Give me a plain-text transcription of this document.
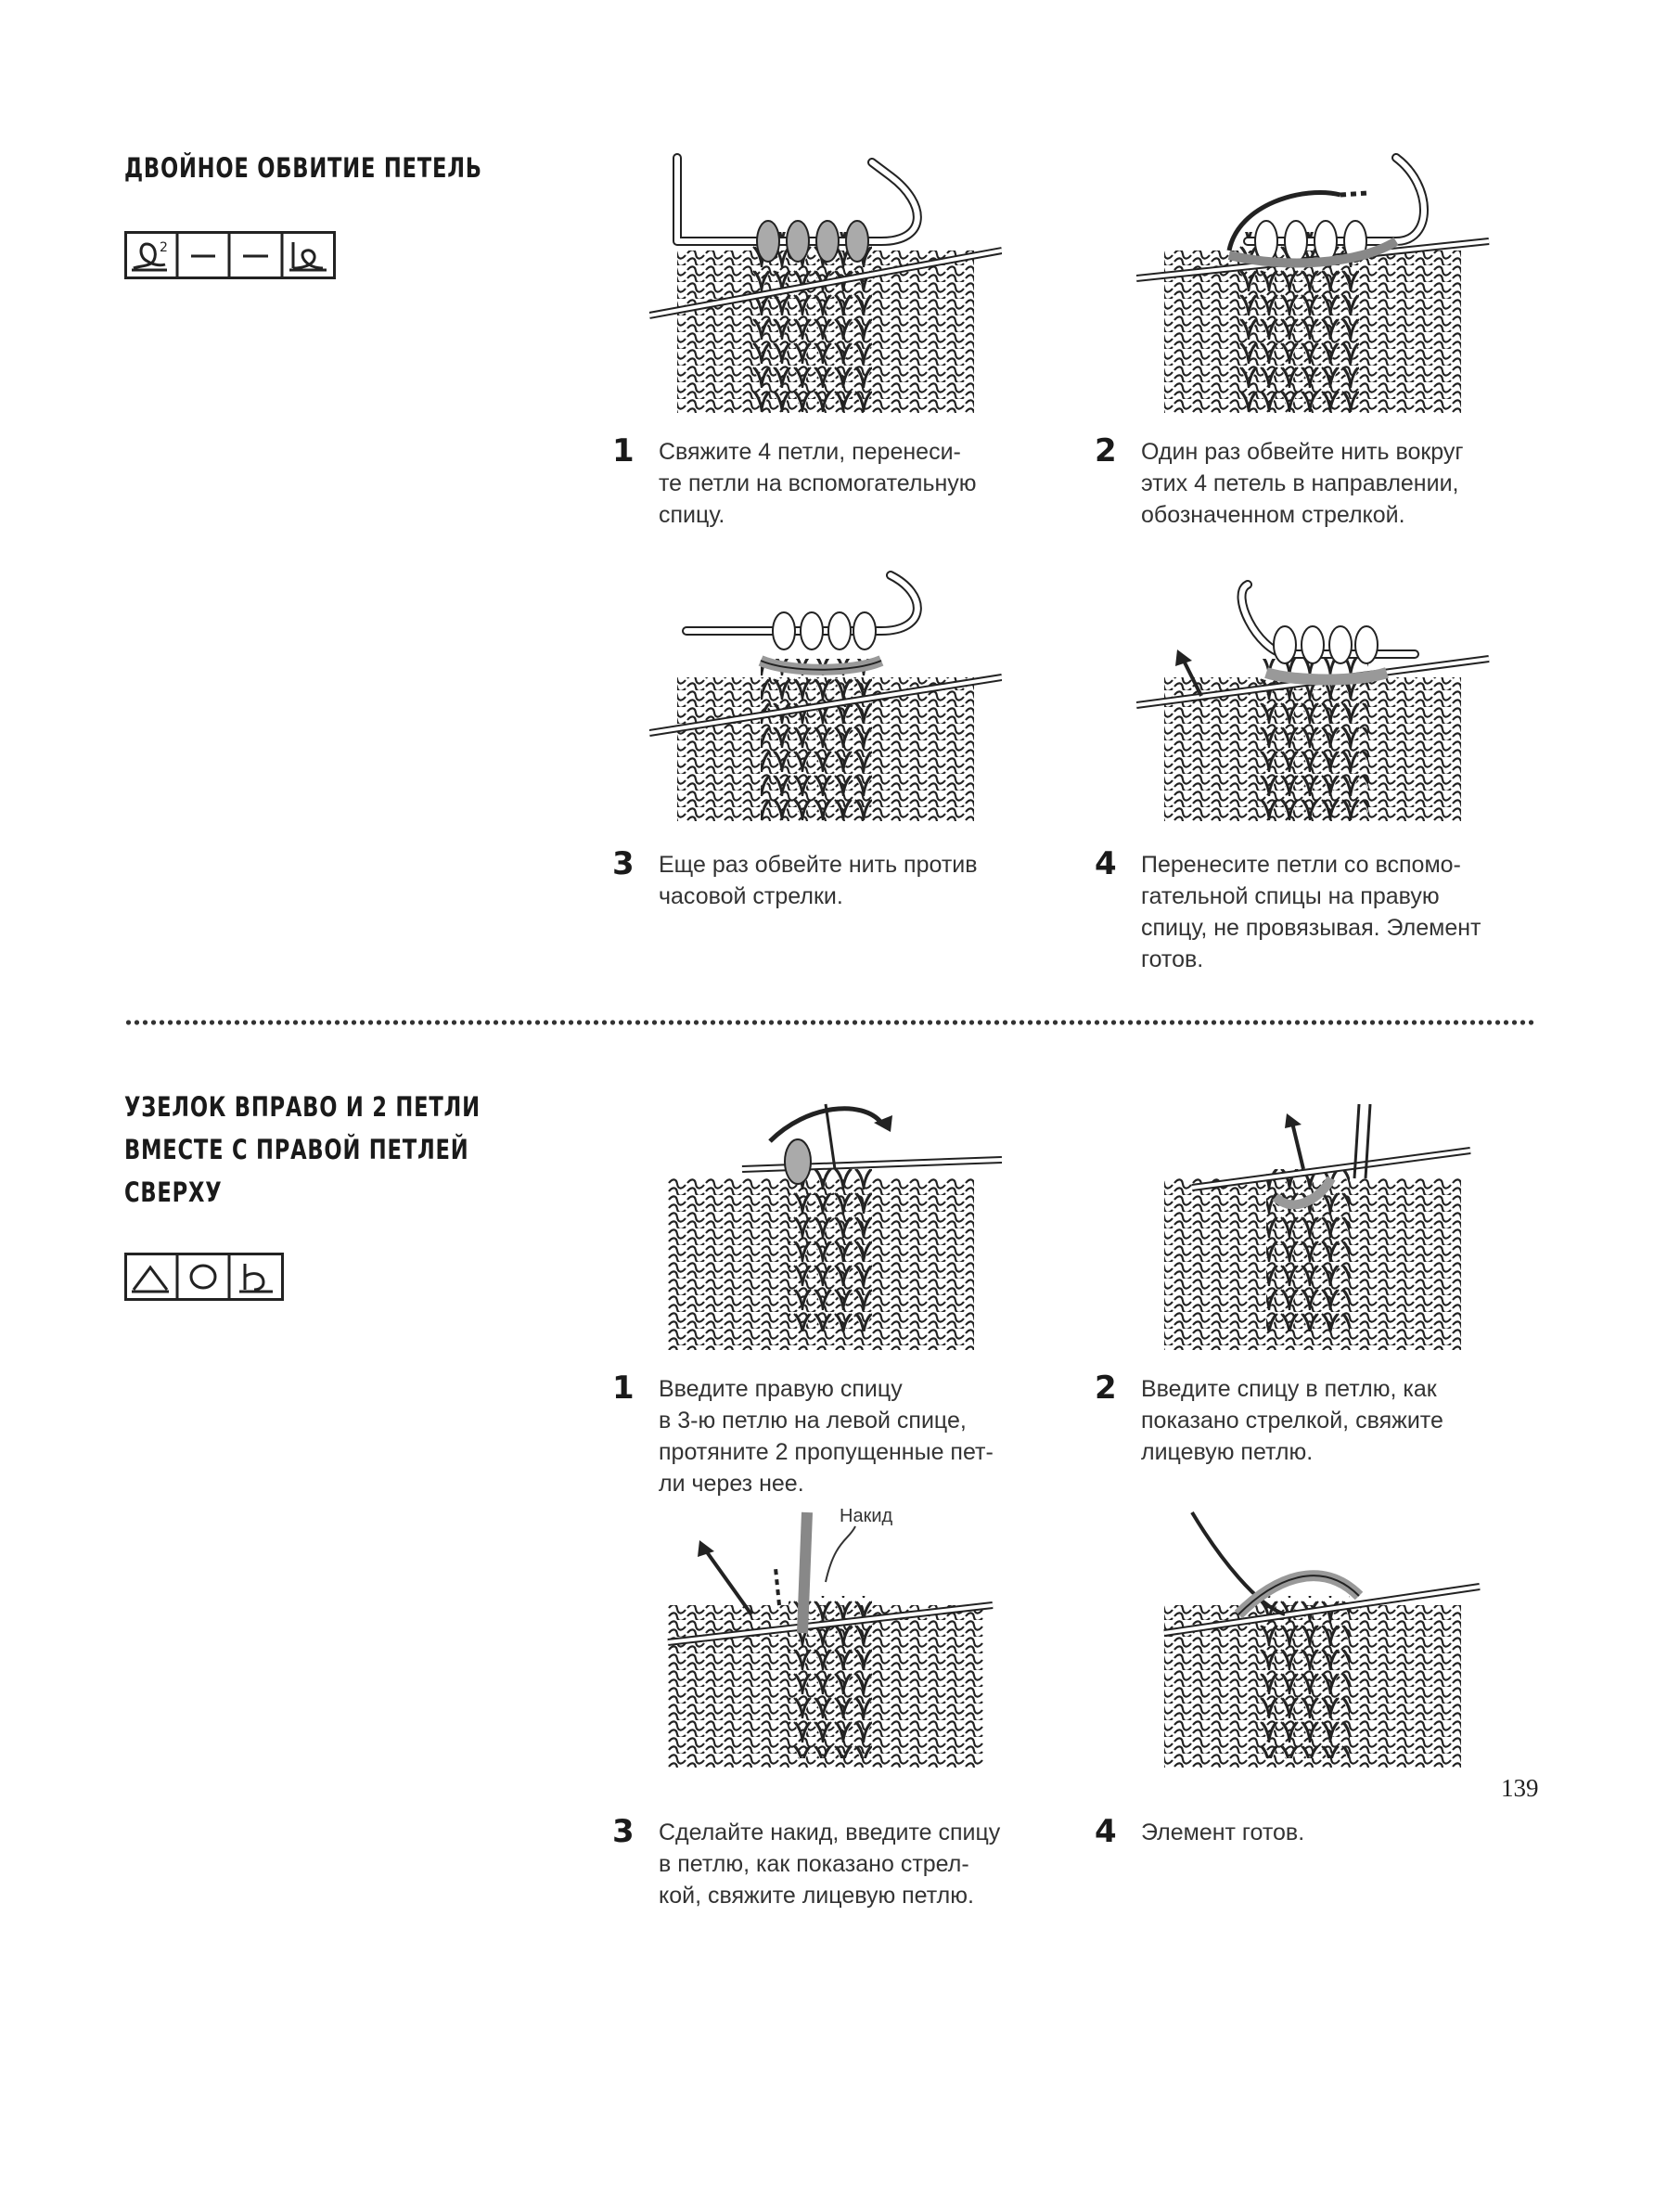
ДВОЙНОЕ ОБВИТИЕ ПЕТЕЛЬ
2
1 Свяжите 4 петли, перенеси-
те петли на вспомогательную
спицу.
2 Один раз обвейте нить вокруг
этих 4 петель в направлении,
обозначенном стрелкой.
3 Еще раз обвейте нить против
часовой стрелки.
4 Перенесите петли со вспомо-
гательной спицы на правую
спицу, не провязывая. Элемент
готов.
УЗЕЛОК ВПРАВО И 2 ПЕТЛИ
ВМЕСТЕ С ПРАВОЙ ПЕТЛЕЙ
СВЕРХУ
1 Введите правую спицу
в 3-ю петлю на левой спице,
протяните 2 пропущенные пет-
ли через нее.
2 Введите спицу в петлю, как
показано стрелкой, свяжите
лицевую петлю.
Накид
3 Сделайте накид, введите спицу
в петлю, как показано стрел-
кой, свяжите лицевую петлю.
4 Элемент готов.
139
